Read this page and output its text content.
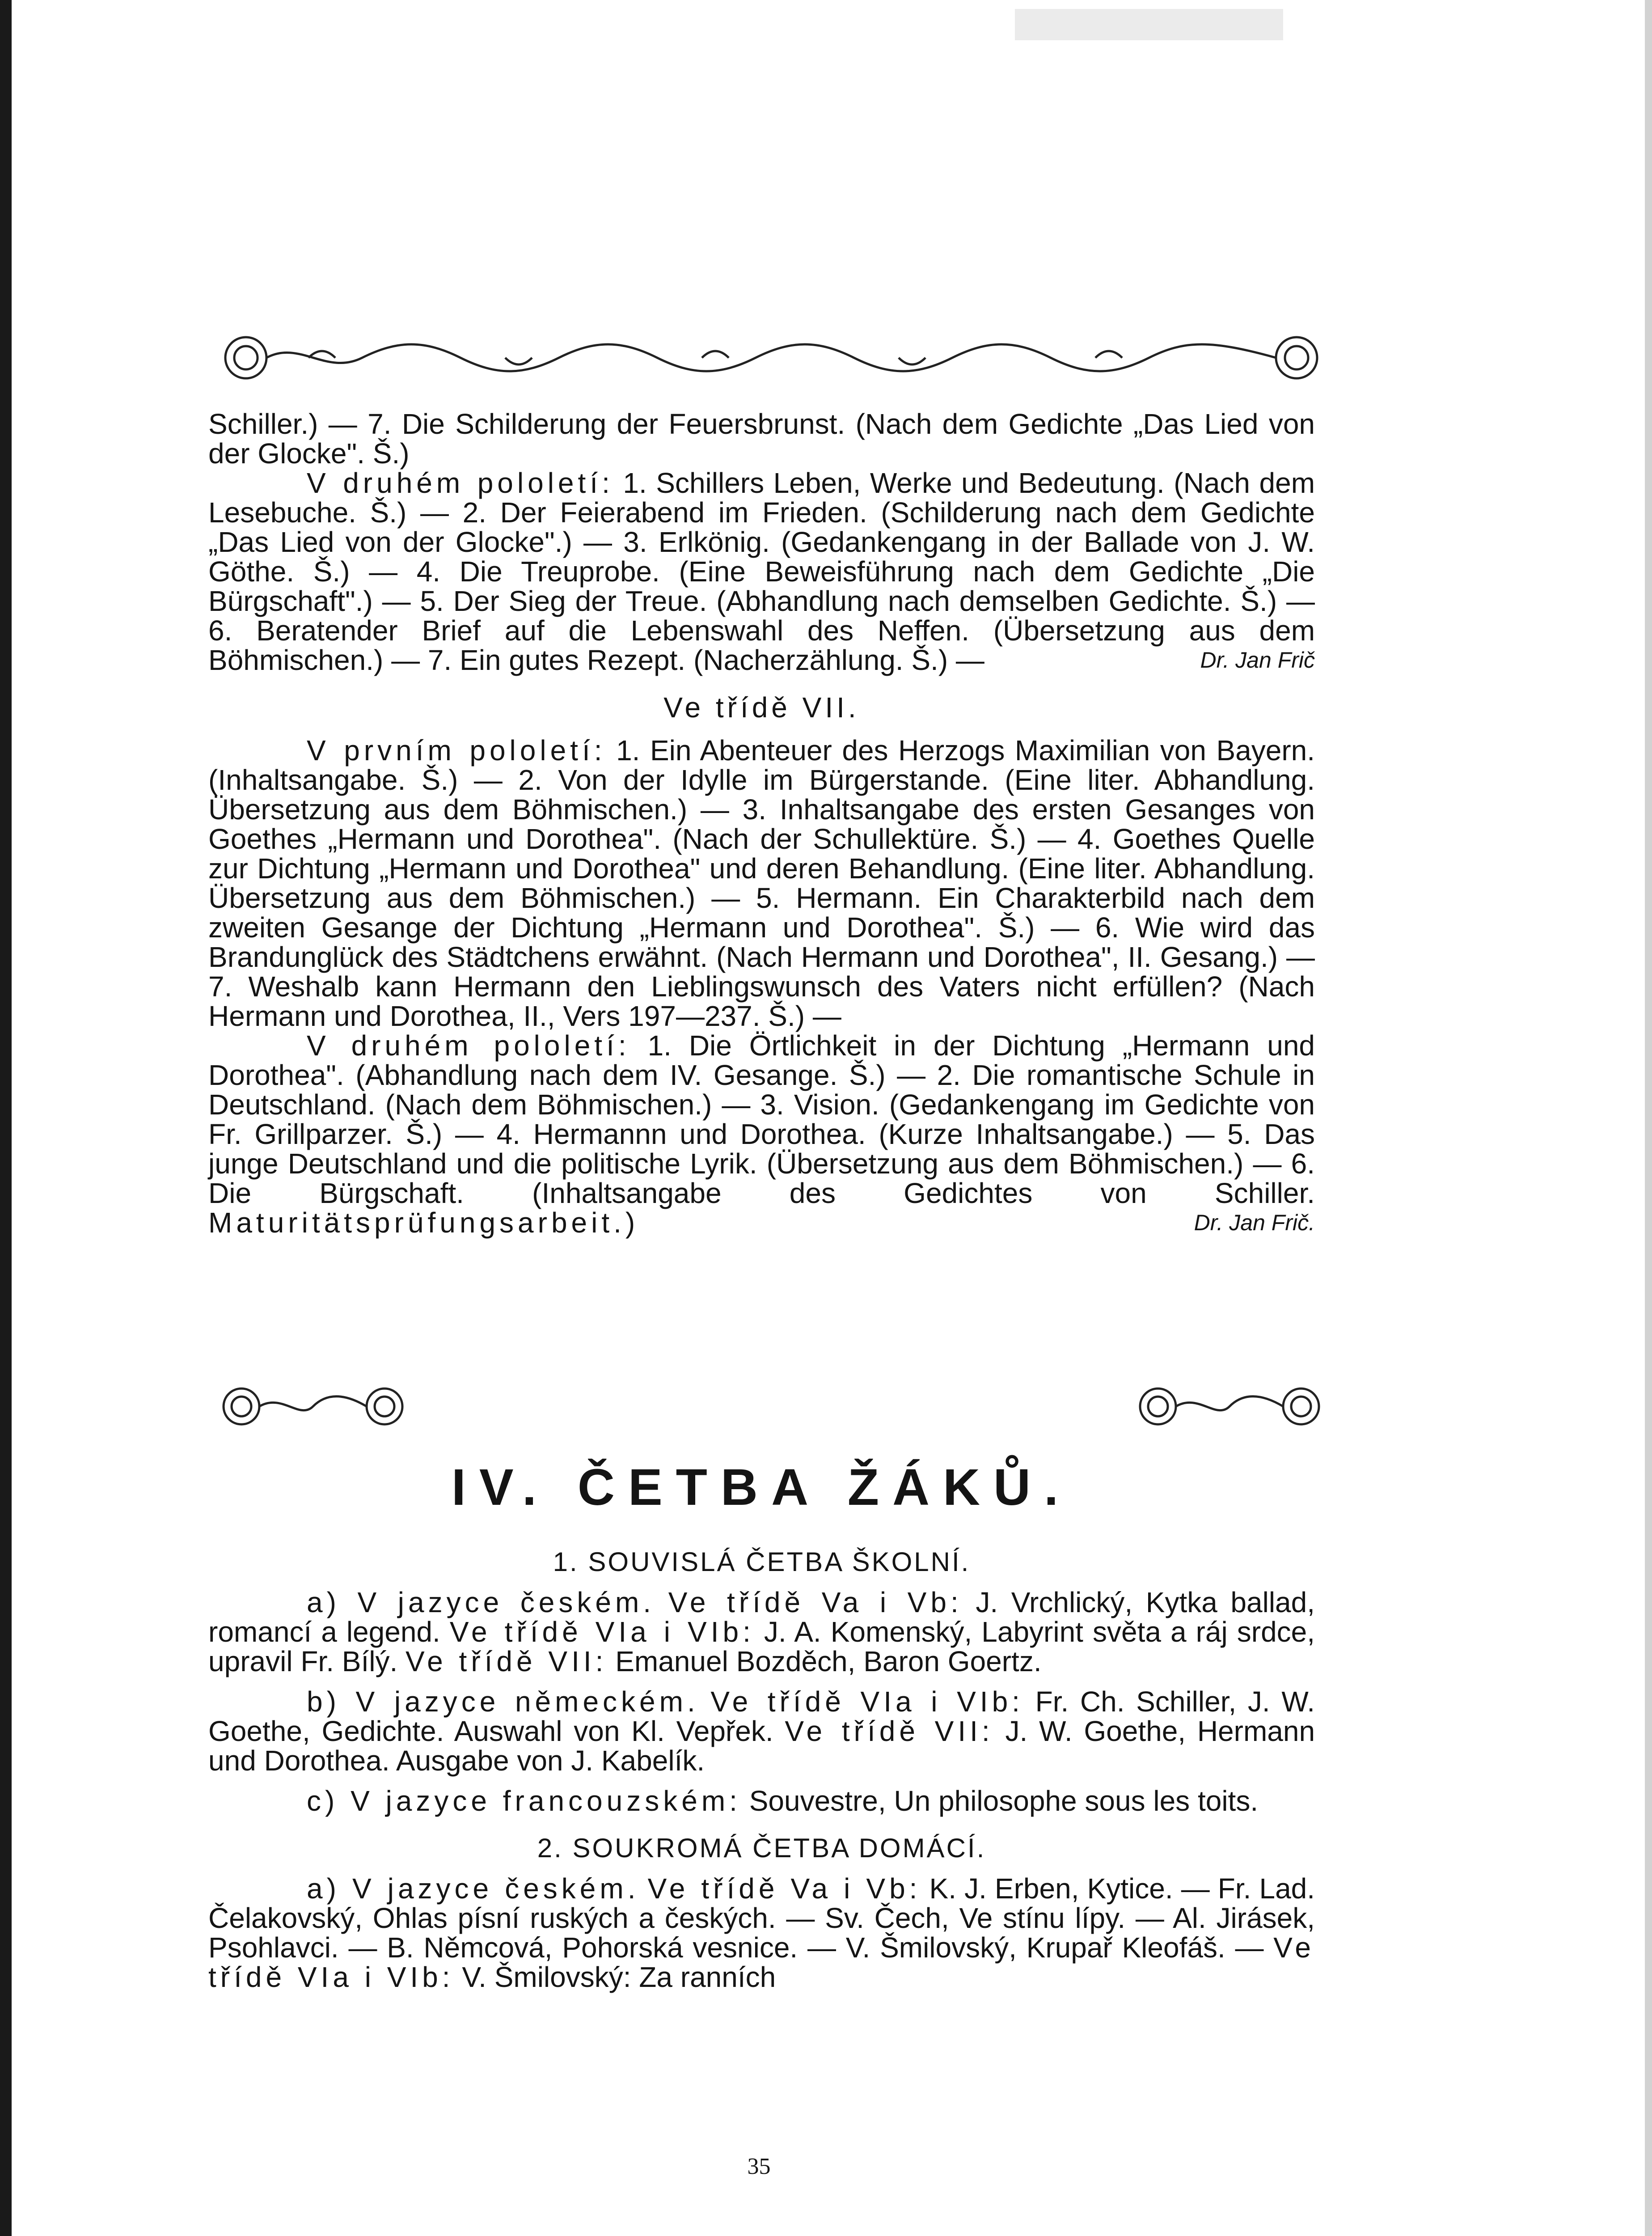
Schiller.) — 7. Die Schilderung der Feuersbrunst. (Nach dem Gedichte „Das Lied von der Glocke". Š.)

V druhém pololetí: 1. Schillers Leben, Werke und Bedeutung. (Nach dem Lesebuche. Š.) — 2. Der Feierabend im Frieden. (Schilderung nach dem Gedichte „Das Lied von der Glocke".) — 3. Erlkönig. (Gedankengang in der Ballade von J. W. Göthe. Š.) — 4. Die Treuprobe. (Eine Beweisführung nach dem Gedichte „Die Bürgschaft".) — 5. Der Sieg der Treue. (Abhandlung nach demselben Gedichte. Š.) — 6. Beratender Brief auf die Lebenswahl des Neffen. (Übersetzung aus dem Böhmischen.) — 7. Ein gutes Rezept. (Nacherzählung. Š.) —	Dr. Jan Frič

Ve třídě VII.

V prvním pololetí: 1. Ein Abenteuer des Herzogs Maximilian von Bayern. (Inhaltsangabe. Š.) — 2. Von der Idylle im Bürgerstande. (Eine liter. Abhandlung. Übersetzung aus dem Böhmischen.) — 3. Inhaltsangabe des ersten Gesanges von Goethes „Hermann und Dorothea". (Nach der Schullektüre. Š.) — 4. Goethes Quelle zur Dichtung „Hermann und Dorothea" und deren Behandlung. (Eine liter. Abhandlung. Übersetzung aus dem Böhmischen.) — 5. Hermann. Ein Charakterbild nach dem zweiten Gesange der Dichtung „Hermann und Dorothea". Š.) — 6. Wie wird das Brandunglück des Städtchens erwähnt. (Nach Hermann und Dorothea", II. Gesang.) — 7. Weshalb kann Hermann den Lieblingswunsch des Vaters nicht erfüllen? (Nach Hermann und Dorothea, II., Vers 197—237. Š.) —

V druhém pololetí: 1. Die Örtlichkeit in der Dichtung „Hermann und Dorothea". (Abhandlung nach dem IV. Gesange. Š.) — 2. Die romantische Schule in Deutschland. (Nach dem Böhmischen.) — 3. Vision. (Gedankengang im Gedichte von Fr. Grillparzer. Š.) — 4. Hermannn und Dorothea. (Kurze Inhaltsangabe.) — 5. Das junge Deutschland und die politische Lyrik. (Übersetzung aus dem Böhmischen.) — 6. Die Bürgschaft. (Inhaltsangabe des Gedichtes von Schiller. Maturitätsprüfungsarbeit.)	Dr. Jan Frič.

IV. ČETBA ŽÁKŮ.

1. SOUVISLÁ ČETBA ŠKOLNÍ.

a) V jazyce českém. Ve třídě Va i Vb: J. Vrchlický, Kytka ballad, romancí a legend. Ve třídě VIa i VIb: J. A. Komenský, Labyrint světa a ráj srdce, upravil Fr. Bílý. Ve třídě VII: Emanuel Bozděch, Baron Goertz.

b) V jazyce německém. Ve třídě VIa i VIb: Fr. Ch. Schiller, J. W. Goethe, Gedichte. Auswahl von Kl. Vepřek. Ve třídě VII: J. W. Goethe, Hermann und Dorothea. Ausgabe von J. Kabelík.

c) V jazyce francouzském: Souvestre, Un philosophe sous les toits.

2. SOUKROMÁ ČETBA DOMÁCÍ.

a) V jazyce českém. Ve třídě Va i Vb: K. J. Erben, Kytice. — Fr. Lad. Čelakovský, Ohlas písní ruských a českých. — Sv. Čech, Ve stínu lípy. — Al. Jirásek, Psohlavci. — B. Němcová, Pohorská vesnice. — V. Šmilovský, Krupař Kleofáš. — Ve třídě VIa i VIb: V. Šmilovský: Za ranních

35
